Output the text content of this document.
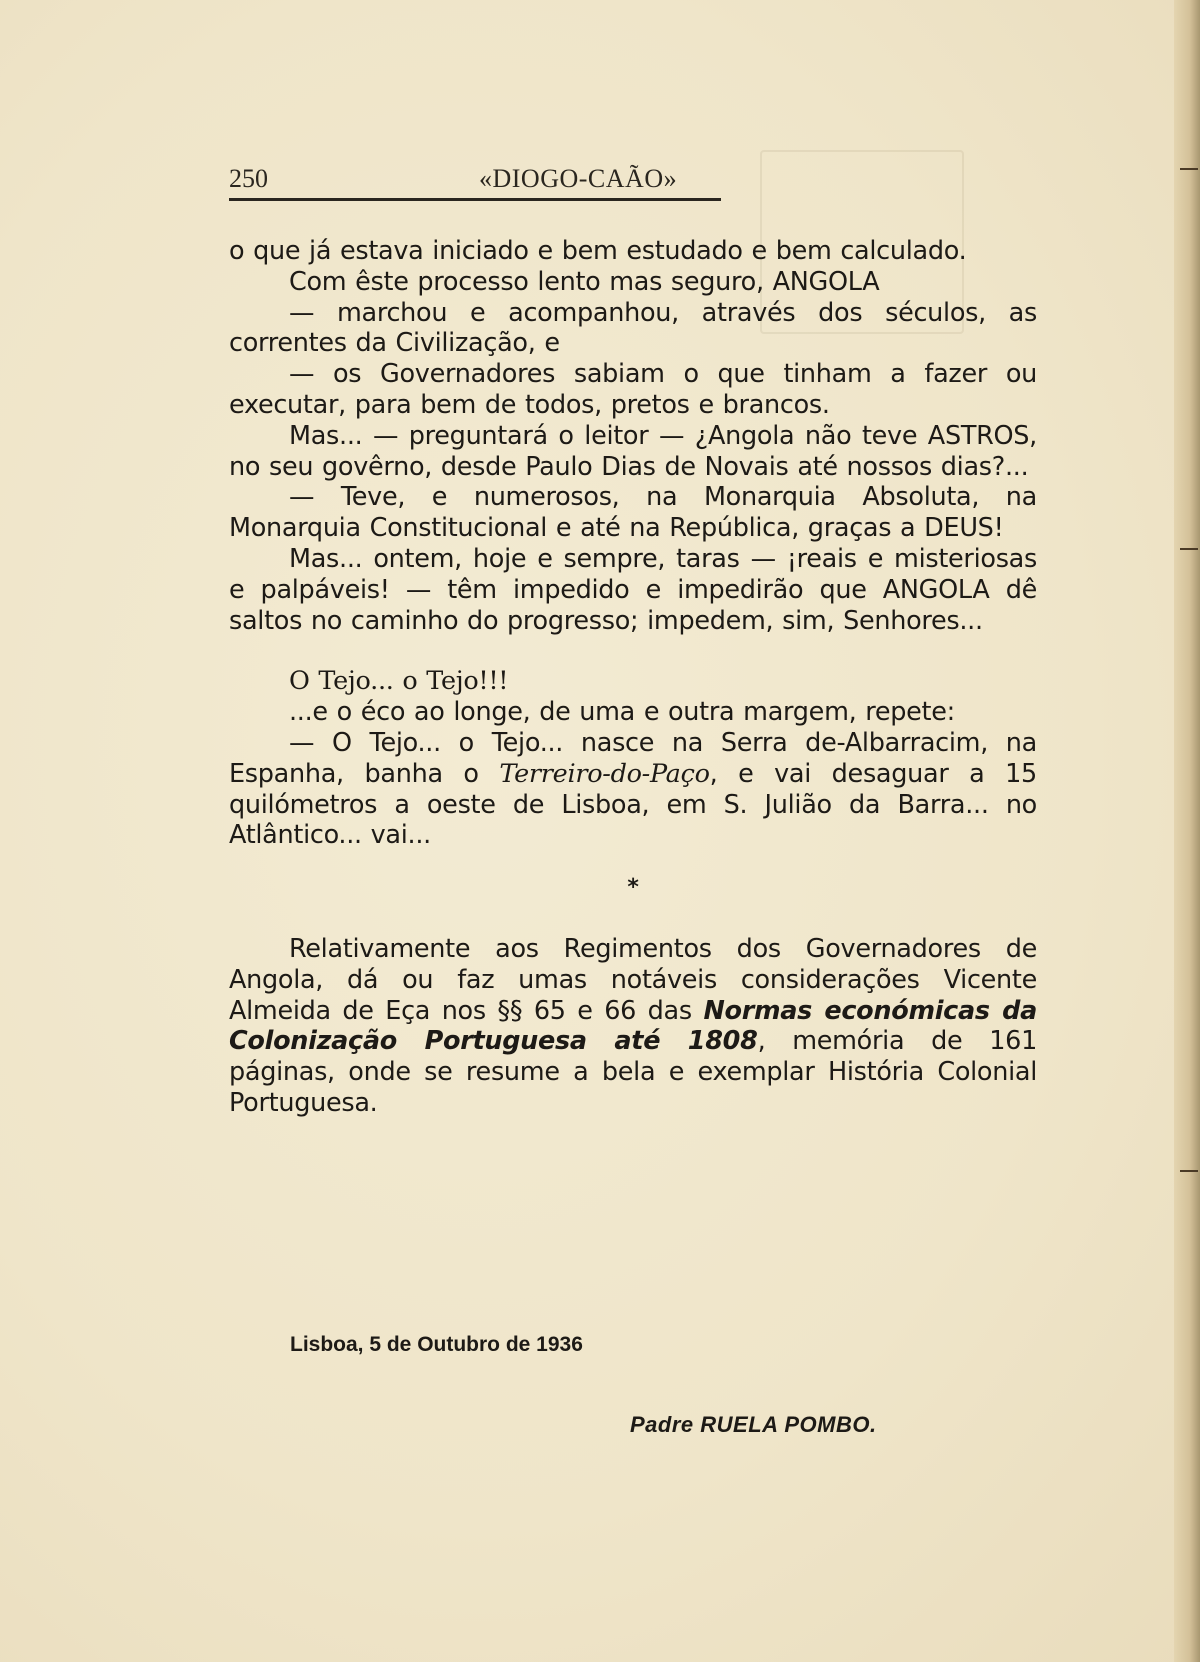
250	«DIOGO-CAÃO»

o que já estava iniciado e bem estudado e bem calculado.

Com êste processo lento mas seguro, ANGOLA

— marchou e acompanhou, através dos séculos, as correntes da Civilização, e

— os Governadores sabiam o que tinham a fazer ou executar, para bem de todos, pretos e brancos.

Mas... — preguntará o leitor — ¿Angola não teve ASTROS, no seu govêrno, desde Paulo Dias de Novais até nossos dias?...

— Teve, e numerosos, na Monarquia Absoluta, na Monarquia Constitucional e até na República, graças a DEUS!

Mas... ontem, hoje e sempre, taras — ¡reais e misteriosas e palpáveis! — têm impedido e impedirão que ANGOLA dê saltos no caminho do progresso; impedem, sim, Senhores...

O Tejo... o Tejo!!!

...e o éco ao longe, de uma e outra margem, repete:

— O Tejo... o Tejo... nasce na Serra de-Albarracim, na Espanha, banha o Terreiro-do-Paço, e vai desaguar a 15 quilómetros a oeste de Lisboa, em S. Julião da Barra... no Atlântico... vai...

*

Relativamente aos Regimentos dos Governadores de Angola, dá ou faz umas notáveis considerações Vicente Almeida de Eça nos §§ 65 e 66 das Normas económicas da Colonização Portuguesa até 1808, memória de 161 páginas, onde se resume a bela e exemplar História Colonial Portuguesa.

Lisboa, 5 de Outubro de 1936
Padre RUELA POMBO.
